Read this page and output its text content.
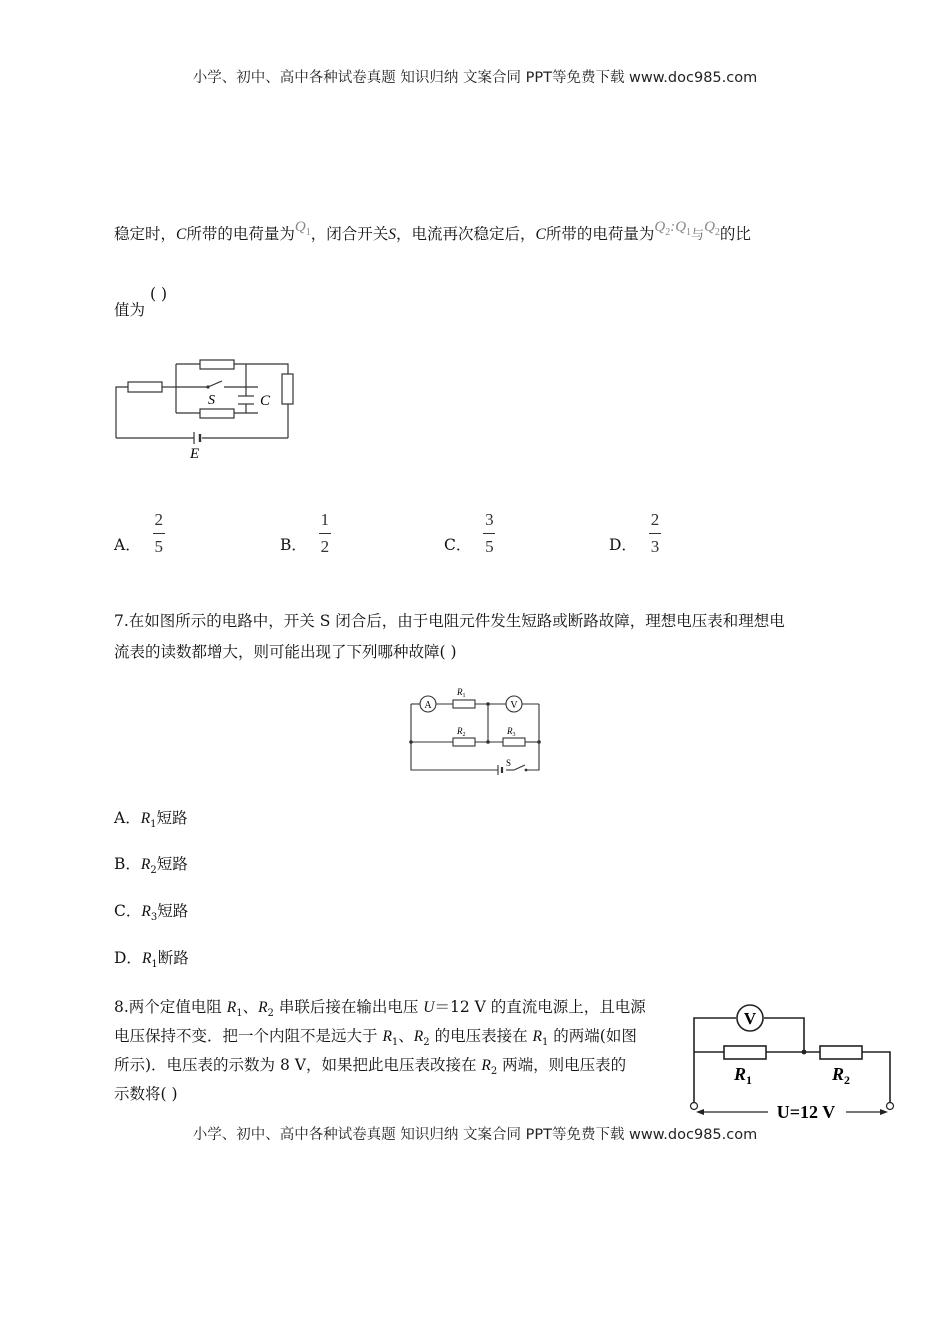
小学、初中、高中各种试卷真题 知识归纳 文案合同 PPT等免费下载 www.doc985.com
稳定时，C所带的电荷量为$Q_1$，闭合开关S，电流再次稳定后，C所带的电荷量为$Q_2:Q_1$与$Q_2$的比
值为
( )
S	C
E
A． $\frac{2}{5}$	B． $\frac{1}{2}$	C． $\frac{3}{5}$	D． $\frac{2}{3}$
7.在如图所示的电路中，开关 S 闭合后，由于电阻元件发生短路或断路故障，理想电压表和理想电
流表的读数都增大，则可能出现了下列哪种故障( )
A	V
$R_1$
$R_2$	$R_3$
S
A．$R_1$短路
B．$R_2$短路
C．$R_3$短路
D．$R_1$断路
8.两个定值电阻 $R_1$、$R_2$ 串联后接在输出电压 U＝12 V 的直流电源上，且电源
电压保持不变．把一个内阻不是远大于 $R_1$、$R_2$ 的电压表接在 $R_1$ 的两端(如图
所示)．电压表的示数为 8 V，如果把此电压表改接在 $R_2$ 两端，则电压表的
示数将( )
V
$R_1$	$R_2$
U=12 V
小学、初中、高中各种试卷真题 知识归纳 文案合同 PPT等免费下载 www.doc985.com
